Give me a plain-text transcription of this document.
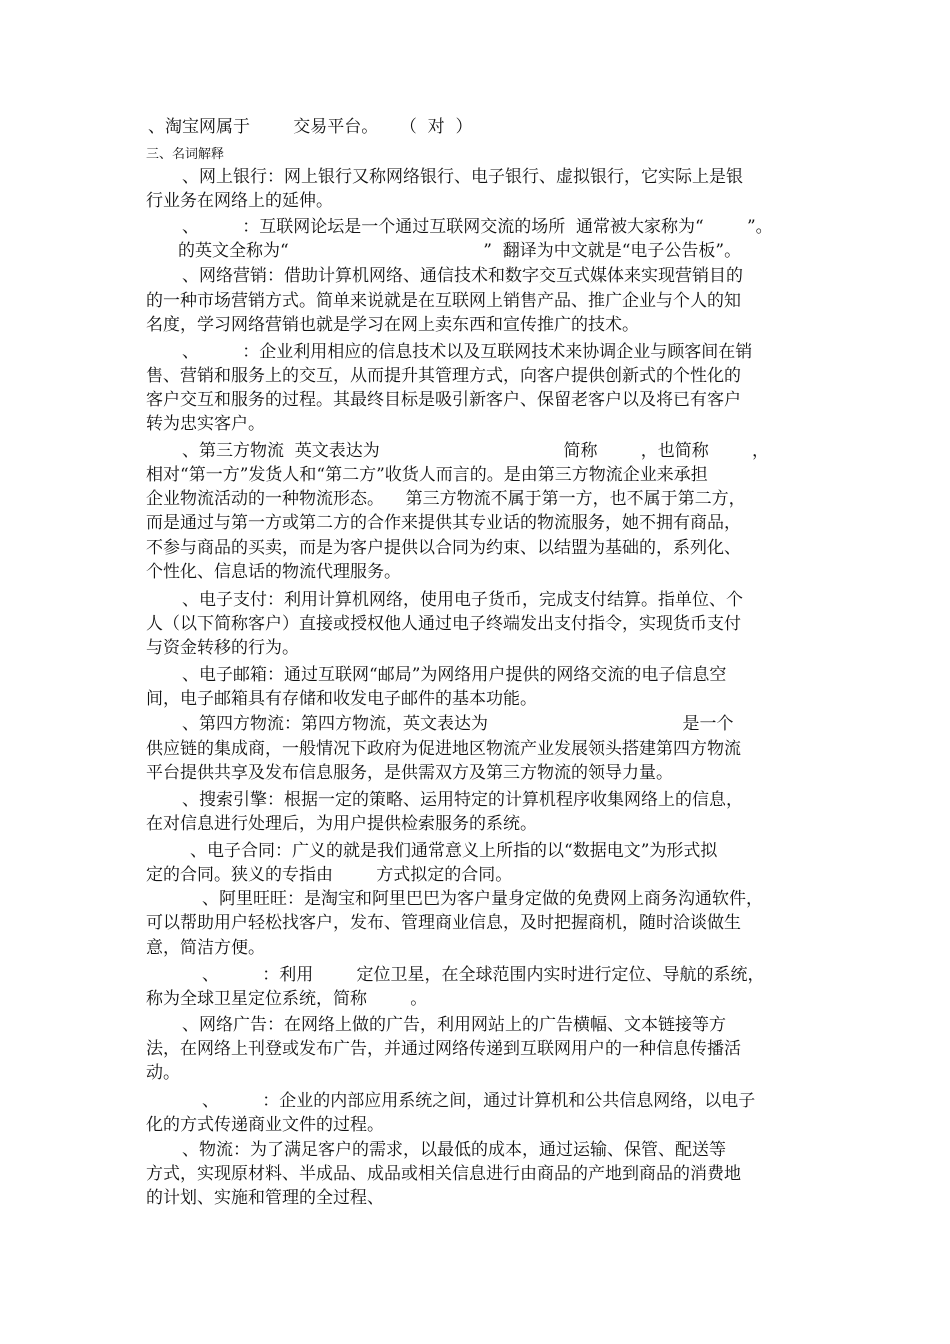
、淘宝网属于        交易平台。    （  对  ）
三、名词解释
、网上银行：网上银行又称网络银行、电子银行、虚拟银行，它实际上是银
行业务在网络上的延伸。
、        ：互联网论坛是一个通过互联网交流的场所  通常被大家称为“        ”。
的英文全称为“                                    ”  翻译为中文就是“电子公告板”。
、网络营销：借助计算机网络、通信技术和数字交互式媒体来实现营销目的
的一种市场营销方式。简单来说就是在互联网上销售产品、推广企业与个人的知
名度，学习网络营销也就是学习在网上卖东西和宣传推广的技术。
、        ：企业利用相应的信息技术以及互联网技术来协调企业与顾客间在销
售、营销和服务上的交互，从而提升其管理方式，向客户提供创新式的个性化的
客户交互和服务的过程。其最终目标是吸引新客户、保留老客户以及将已有客户
转为忠实客户。
、第三方物流  英文表达为                                  简称        ，也简称        ，
相对“第一方”发货人和“第二方”收货人而言的。是由第三方物流企业来承担
企业物流活动的一种物流形态。    第三方物流不属于第一方，也不属于第二方，
而是通过与第一方或第二方的合作来提供其专业话的物流服务，她不拥有商品，
不参与商品的买卖，而是为客户提供以合同为约束、以结盟为基础的，系列化、
个性化、信息话的物流代理服务。
、电子支付：利用计算机网络，使用电子货币，完成支付结算。指单位、个
人（以下简称客户）直接或授权他人通过电子终端发出支付指令，实现货币支付
与资金转移的行为。
、电子邮箱：通过互联网“邮局”为网络用户提供的网络交流的电子信息空
间，电子邮箱具有存储和收发电子邮件的基本功能。
、第四方物流：第四方物流，英文表达为                                    是一个
供应链的集成商，一般情况下政府为促进地区物流产业发展领头搭建第四方物流
平台提供共享及发布信息服务，是供需双方及第三方物流的领导力量。
、搜索引擎：根据一定的策略、运用特定的计算机程序收集网络上的信息，
在对信息进行处理后，为用户提供检索服务的系统。
、电子合同：广义的就是我们通常意义上所指的以“数据电文”为形式拟
定的合同。狭义的专指由        方式拟定的合同。
、阿里旺旺：是淘宝和阿里巴巴为客户量身定做的免费网上商务沟通软件，
可以帮助用户轻松找客户，发布、管理商业信息，及时把握商机，随时洽谈做生
意，简洁方便。
、        ：利用        定位卫星，在全球范围内实时进行定位、导航的系统，
称为全球卫星定位系统，简称        。
、网络广告：在网络上做的广告，利用网站上的广告横幅、文本链接等方
法，在网络上刊登或发布广告，并通过网络传递到互联网用户的一种信息传播活
动。
、        ：企业的内部应用系统之间，通过计算机和公共信息网络，以电子
化的方式传递商业文件的过程。
、物流：为了满足客户的需求，以最低的成本，通过运输、保管、配送等
方式，实现原材料、半成品、成品或相关信息进行由商品的产地到商品的消费地
的计划、实施和管理的全过程、
